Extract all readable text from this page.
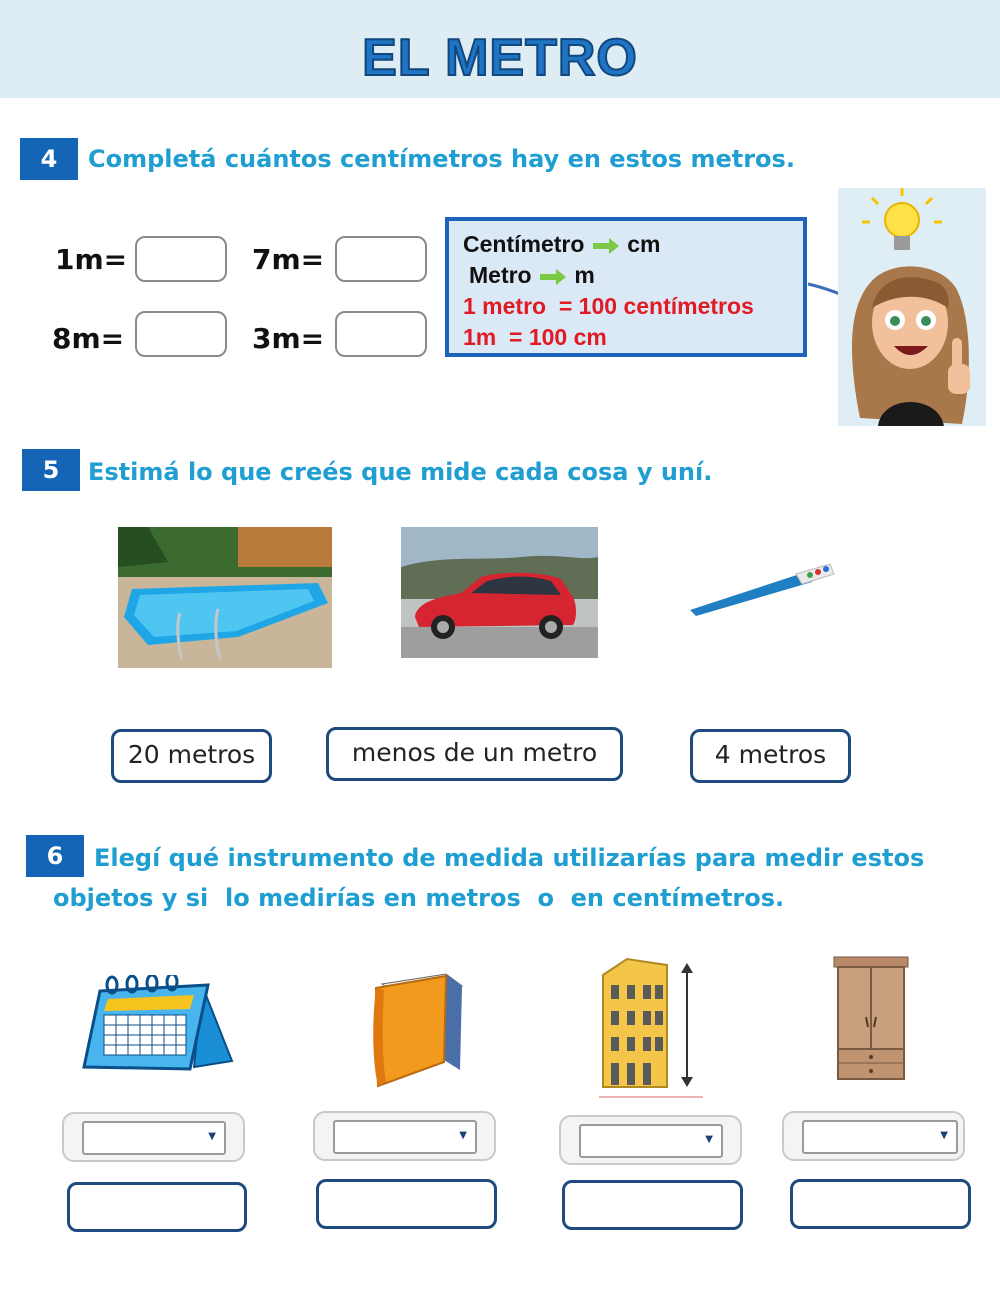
EL METRO
4	Completá cuántos centímetros hay en estos metros.
1m=	7m=
8m=	3m=
Centímetro cm
Metro m
1 metro  = 100 centímetros
1m  = 100 cm
5	Estimá lo que creés que mide cada cosa y uní.
20 metros	menos de un metro	4 metros
6	Elegí qué instrumento de medida utilizarías para medir estos
objetos y si  lo medirías en metros  o  en centímetros.
▼	▼	▼	▼
